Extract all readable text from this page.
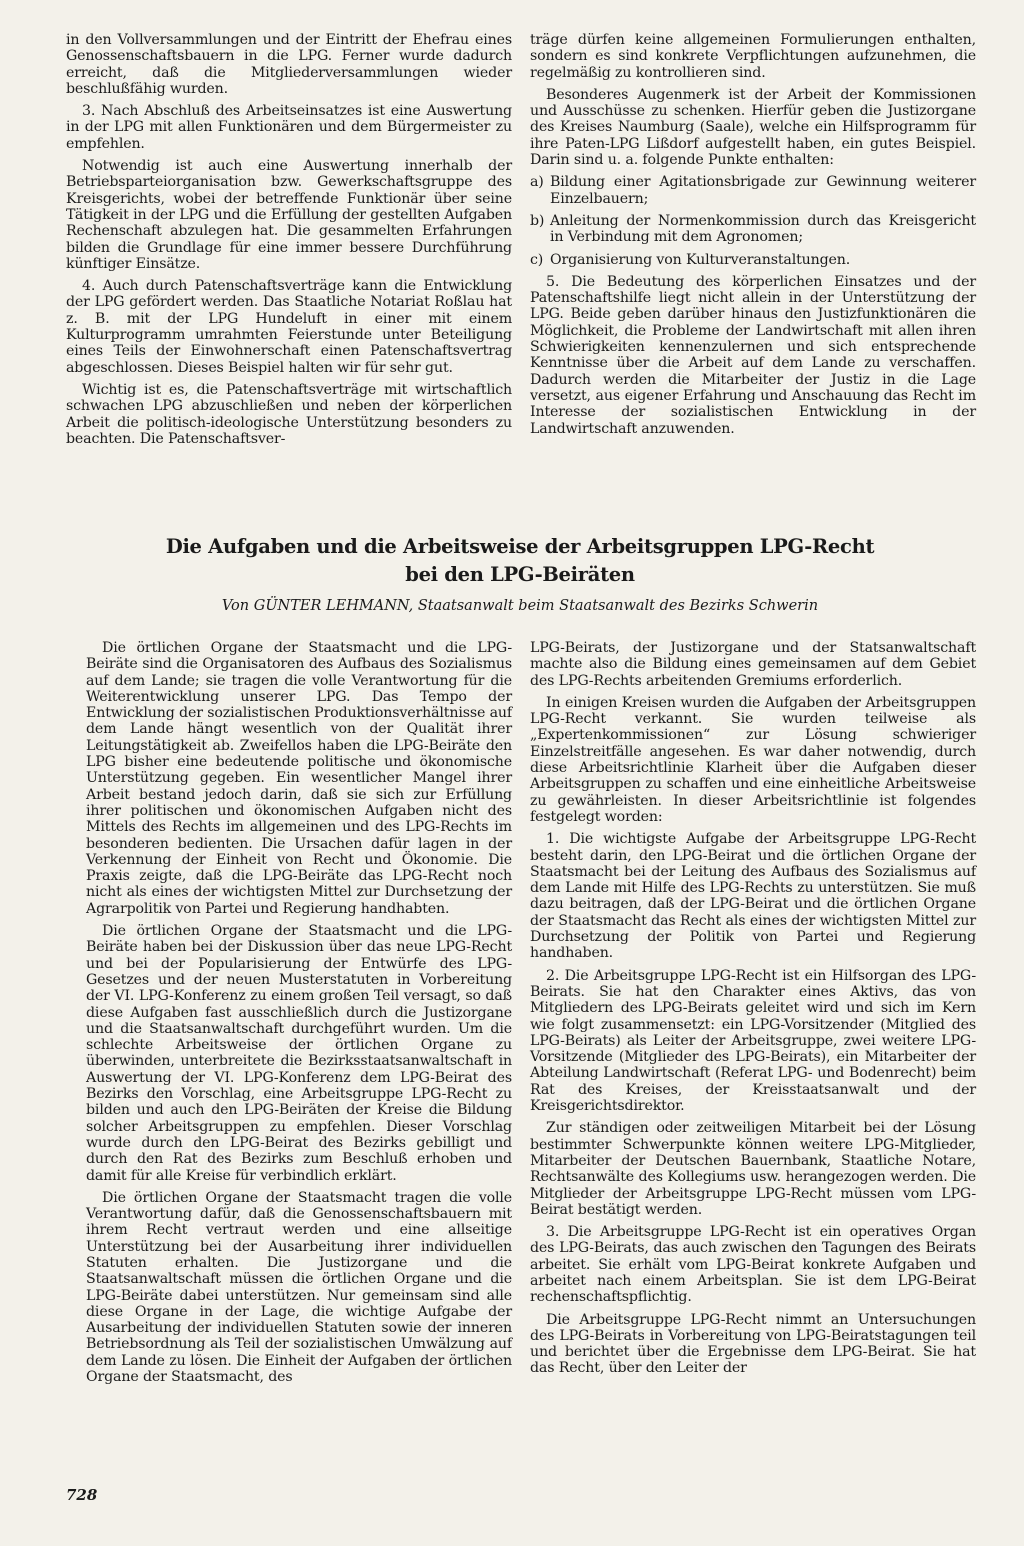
in den Vollversammlungen und der Eintritt der Ehefrau eines Genossenschaftsbauern in die LPG. Ferner wurde dadurch erreicht, daß die Mitgliederversammlungen wieder beschlußfähig wurden.

3. Nach Abschluß des Arbeitseinsatzes ist eine Auswertung in der LPG mit allen Funktionären und dem Bürgermeister zu empfehlen.

Notwendig ist auch eine Auswertung innerhalb der Betriebsparteiorganisation bzw. Gewerkschaftsgruppe des Kreisgerichts, wobei der betreffende Funktionär über seine Tätigkeit in der LPG und die Erfüllung der gestellten Aufgaben Rechenschaft abzulegen hat. Die gesammelten Erfahrungen bilden die Grundlage für eine immer bessere Durchführung künftiger Einsätze.

4. Auch durch Patenschaftsverträge kann die Entwicklung der LPG gefördert werden. Das Staatliche Notariat Roßlau hat z. B. mit der LPG Hundeluft in einer mit einem Kulturprogramm umrahmten Feierstunde unter Beteiligung eines Teils der Einwohnerschaft einen Patenschaftsvertrag abgeschlossen. Dieses Beispiel halten wir für sehr gut.

Wichtig ist es, die Patenschaftsverträge mit wirtschaftlich schwachen LPG abzuschließen und neben der körperlichen Arbeit die politisch-ideologische Unterstützung besonders zu beachten. Die Patenschaftsver-

träge dürfen keine allgemeinen Formulierungen enthalten, sondern es sind konkrete Verpflichtungen aufzunehmen, die regelmäßig zu kontrollieren sind.

Besonderes Augenmerk ist der Arbeit der Kommissionen und Ausschüsse zu schenken. Hierfür geben die Justizorgane des Kreises Naumburg (Saale), welche ein Hilfsprogramm für ihre Paten-LPG Lißdorf aufgestellt haben, ein gutes Beispiel. Darin sind u. a. folgende Punkte enthalten:

a) Bildung einer Agitationsbrigade zur Gewinnung weiterer Einzelbauern;

b) Anleitung der Normenkommission durch das Kreisgericht in Verbindung mit dem Agronomen;

c) Organisierung von Kulturveranstaltungen.

5. Die Bedeutung des körperlichen Einsatzes und der Patenschaftshilfe liegt nicht allein in der Unterstützung der LPG. Beide geben darüber hinaus den Justizfunktionären die Möglichkeit, die Probleme der Landwirtschaft mit allen ihren Schwierigkeiten kennenzulernen und sich entsprechende Kenntnisse über die Arbeit auf dem Lande zu verschaffen. Dadurch werden die Mitarbeiter der Justiz in die Lage versetzt, aus eigener Erfahrung und Anschauung das Recht im Interesse der sozialistischen Entwicklung in der Landwirtschaft anzuwenden.

Die Aufgaben und die Arbeitsweise der Arbeitsgruppen LPG-Recht
bei den LPG-Beiräten
Von GÜNTER LEHMANN, Staatsanwalt beim Staatsanwalt des Bezirks Schwerin

Die örtlichen Organe der Staatsmacht und die LPG-Beiräte sind die Organisatoren des Aufbaus des Sozialismus auf dem Lande; sie tragen die volle Verantwortung für die Weiterentwicklung unserer LPG. Das Tempo der Entwicklung der sozialistischen Produktionsverhältnisse auf dem Lande hängt wesentlich von der Qualität ihrer Leitungstätigkeit ab. Zweifellos haben die LPG-Beiräte den LPG bisher eine bedeutende politische und ökonomische Unterstützung gegeben. Ein wesentlicher Mangel ihrer Arbeit bestand jedoch darin, daß sie sich zur Erfüllung ihrer politischen und ökonomischen Aufgaben nicht des Mittels des Rechts im allgemeinen und des LPG-Rechts im besonderen bedienten. Die Ursachen dafür lagen in der Verkennung der Einheit von Recht und Ökonomie. Die Praxis zeigte, daß die LPG-Beiräte das LPG-Recht noch nicht als eines der wichtigsten Mittel zur Durchsetzung der Agrarpolitik von Partei und Regierung handhabten.

Die örtlichen Organe der Staatsmacht und die LPG-Beiräte haben bei der Diskussion über das neue LPG-Recht und bei der Popularisierung der Entwürfe des LPG-Gesetzes und der neuen Musterstatuten in Vorbereitung der VI. LPG-Konferenz zu einem großen Teil versagt, so daß diese Aufgaben fast ausschließlich durch die Justizorgane und die Staatsanwaltschaft durchgeführt wurden. Um die schlechte Arbeitsweise der örtlichen Organe zu überwinden, unterbreitete die Bezirksstaatsanwaltschaft in Auswertung der VI. LPG-Konferenz dem LPG-Beirat des Bezirks den Vorschlag, eine Arbeitsgruppe LPG-Recht zu bilden und auch den LPG-Beiräten der Kreise die Bildung solcher Arbeitsgruppen zu empfehlen. Dieser Vorschlag wurde durch den LPG-Beirat des Bezirks gebilligt und durch den Rat des Bezirks zum Beschluß erhoben und damit für alle Kreise für verbindlich erklärt.

Die örtlichen Organe der Staatsmacht tragen die volle Verantwortung dafür, daß die Genossenschaftsbauern mit ihrem Recht vertraut werden und eine allseitige Unterstützung bei der Ausarbeitung ihrer individuellen Statuten erhalten. Die Justizorgane und die Staatsanwaltschaft müssen die örtlichen Organe und die LPG-Beiräte dabei unterstützen. Nur gemeinsam sind alle diese Organe in der Lage, die wichtige Aufgabe der Ausarbeitung der individuellen Statuten sowie der inneren Betriebsordnung als Teil der sozialistischen Umwälzung auf dem Lande zu lösen. Die Einheit der Aufgaben der örtlichen Organe der Staatsmacht, des

LPG-Beirats, der Justizorgane und der Statsanwaltschaft machte also die Bildung eines gemeinsamen auf dem Gebiet des LPG-Rechts arbeitenden Gremiums erforderlich.

In einigen Kreisen wurden die Aufgaben der Arbeitsgruppen LPG-Recht verkannt. Sie wurden teilweise als „Expertenkommissionen“ zur Lösung schwieriger Einzelstreitfälle angesehen. Es war daher notwendig, durch diese Arbeitsrichtlinie Klarheit über die Aufgaben dieser Arbeitsgruppen zu schaffen und eine einheitliche Arbeitsweise zu gewährleisten. In dieser Arbeitsrichtlinie ist folgendes festgelegt worden:

1. Die wichtigste Aufgabe der Arbeitsgruppe LPG-Recht besteht darin, den LPG-Beirat und die örtlichen Organe der Staatsmacht bei der Leitung des Aufbaus des Sozialismus auf dem Lande mit Hilfe des LPG-Rechts zu unterstützen. Sie muß dazu beitragen, daß der LPG-Beirat und die örtlichen Organe der Staatsmacht das Recht als eines der wichtigsten Mittel zur Durchsetzung der Politik von Partei und Regierung handhaben.

2. Die Arbeitsgruppe LPG-Recht ist ein Hilfsorgan des LPG-Beirats. Sie hat den Charakter eines Aktivs, das von Mitgliedern des LPG-Beirats geleitet wird und sich im Kern wie folgt zusammensetzt: ein LPG-Vorsitzender (Mitglied des LPG-Beirats) als Leiter der Arbeitsgruppe, zwei weitere LPG-Vorsitzende (Mitglieder des LPG-Beirats), ein Mitarbeiter der Abteilung Landwirtschaft (Referat LPG- und Bodenrecht) beim Rat des Kreises, der Kreisstaatsanwalt und der Kreisgerichtsdirektor.

Zur ständigen oder zeitweiligen Mitarbeit bei der Lösung bestimmter Schwerpunkte können weitere LPG-Mitglieder, Mitarbeiter der Deutschen Bauernbank, Staatliche Notare, Rechtsanwälte des Kollegiums usw. herangezogen werden. Die Mitglieder der Arbeitsgruppe LPG-Recht müssen vom LPG-Beirat bestätigt werden.

3. Die Arbeitsgruppe LPG-Recht ist ein operatives Organ des LPG-Beirats, das auch zwischen den Tagungen des Beirats arbeitet. Sie erhält vom LPG-Beirat konkrete Aufgaben und arbeitet nach einem Arbeitsplan. Sie ist dem LPG-Beirat rechenschaftspflichtig.

Die Arbeitsgruppe LPG-Recht nimmt an Untersuchungen des LPG-Beirats in Vorbereitung von LPG-Beiratstagungen teil und berichtet über die Ergebnisse dem LPG-Beirat. Sie hat das Recht, über den Leiter der

728
